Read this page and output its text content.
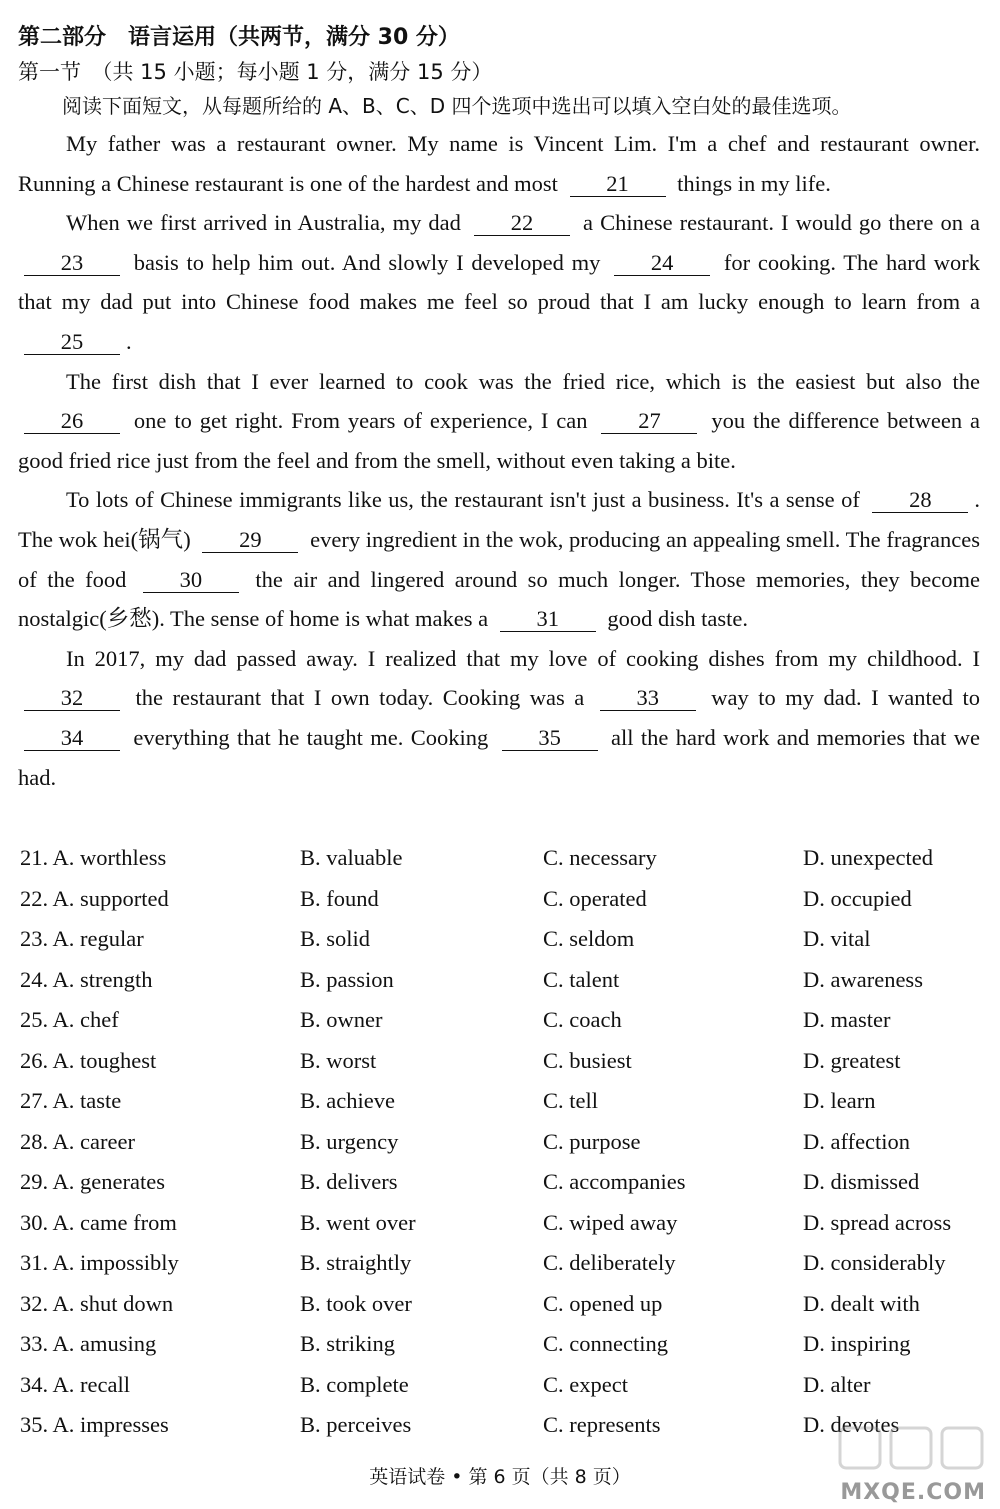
第二部分　语言运用（共两节，满分 30 分）
第一节　（共 15 小题；每小题 1 分，满分 15 分）
阅读下面短文，从每题所给的 A、B、C、D 四个选项中选出可以填入空白处的最佳选项。

My father was a restaurant owner. My name is Vincent Lim. I'm a chef and restaurant owner. Running a Chinese restaurant is one of the hardest and most 21 things in my life.

When we first arrived in Australia, my dad 22 a Chinese restaurant. I would go there on a 23 basis to help him out. And slowly I developed my 24 for cooking. The hard work that my dad put into Chinese food makes me feel so proud that I am lucky enough to learn from a 25 .

The first dish that I ever learned to cook was the fried rice, which is the easiest but also the 26 one to get right. From years of experience, I can 27 you the difference between a good fried rice just from the feel and from the smell, without even taking a bite.

To lots of Chinese immigrants like us, the restaurant isn't just a business. It's a sense of 28 . The wok hei(锅气) 29 every ingredient in the wok, producing an appealing smell. The fragrances of the food 30 the air and lingered around so much longer. Those memories, they become nostalgic(乡愁). The sense of home is what makes a 31 good dish taste.

In 2017, my dad passed away. I realized that my love of cooking dishes from my childhood. I 32 the restaurant that I own today. Cooking was a 33 way to my dad. I wanted to 34 everything that he taught me. Cooking 35 all the hard work and memories that we had.

21. A. worthless	B. valuable	C. necessary	D. unexpected
22. A. supported	B. found	C. operated	D. occupied
23. A. regular	B. solid	C. seldom	D. vital
24. A. strength	B. passion	C. talent	D. awareness
25. A. chef	B. owner	C. coach	D. master
26. A. toughest	B. worst	C. busiest	D. greatest
27. A. taste	B. achieve	C. tell	D. learn
28. A. career	B. urgency	C. purpose	D. affection
29. A. generates	B. delivers	C. accompanies	D. dismissed
30. A. came from	B. went over	C. wiped away	D. spread across
31. A. impossibly	B. straightly	C. deliberately	D. considerably
32. A. shut down	B. took over	C. opened up	D. dealt with
33. A. amusing	B. striking	C. connecting	D. inspiring
34. A. recall	B. complete	C. expect	D. alter
35. A. impresses	B. perceives	C. represents	D. devotes
MXQE.COM
英语试卷 • 第 6 页（共 8 页）
